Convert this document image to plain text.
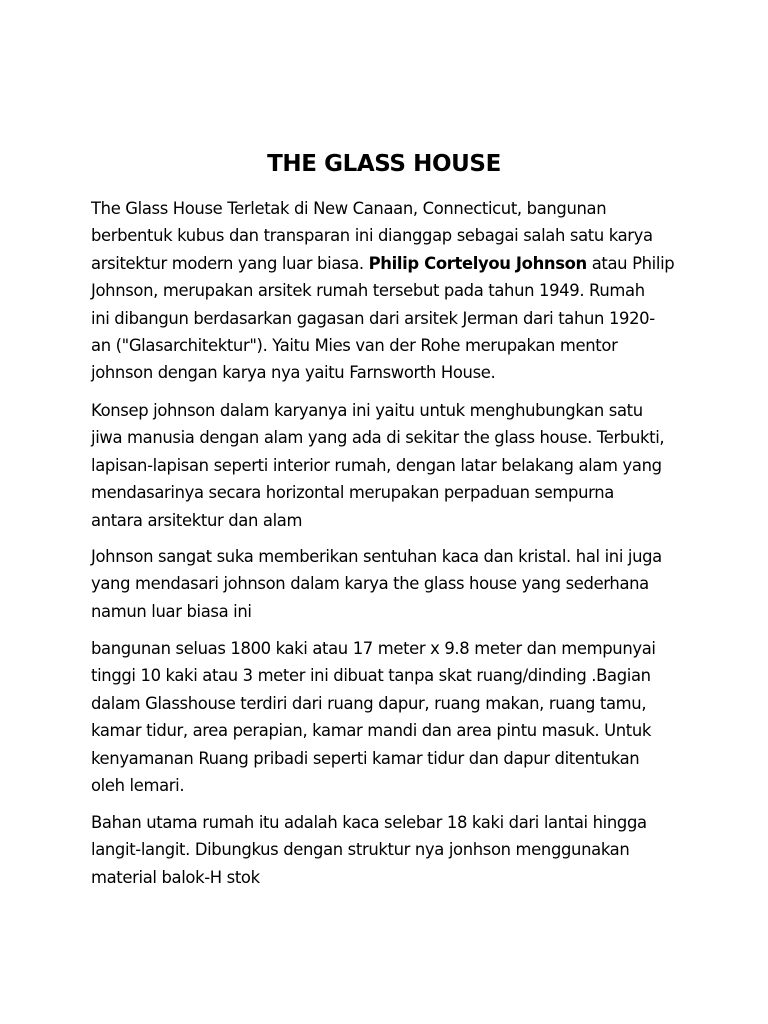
THE GLASS HOUSE

The Glass House Terletak di New Canaan, Connecticut, bangunan
berbentuk kubus dan transparan ini dianggap sebagai salah satu karya
arsitektur modern yang luar biasa. Philip Cortelyou Johnson atau Philip
Johnson, merupakan arsitek rumah tersebut pada tahun 1949. Rumah
ini dibangun berdasarkan gagasan dari arsitek Jerman dari tahun 1920-
an ("Glasarchitektur"). Yaitu Mies van der Rohe merupakan mentor
johnson dengan karya nya yaitu Farnsworth House.

Konsep johnson dalam karyanya ini yaitu untuk menghubungkan satu
jiwa manusia dengan alam yang ada di sekitar the glass house. Terbukti,
lapisan-lapisan seperti interior rumah, dengan latar belakang alam yang
mendasarinya secara horizontal merupakan perpaduan sempurna
antara arsitektur dan alam

Johnson sangat suka memberikan sentuhan kaca dan kristal. hal ini juga
yang mendasari johnson dalam karya the glass house yang sederhana
namun luar biasa ini

bangunan seluas 1800 kaki atau 17 meter x 9.8 meter dan mempunyai
tinggi 10 kaki atau 3 meter ini dibuat tanpa skat ruang/dinding .Bagian
dalam Glasshouse terdiri dari ruang dapur, ruang makan, ruang tamu,
kamar tidur, area perapian, kamar mandi dan area pintu masuk. Untuk
kenyamanan Ruang pribadi seperti kamar tidur dan dapur ditentukan
oleh lemari.

Bahan utama rumah itu adalah kaca selebar 18 kaki dari lantai hingga
langit-langit. Dibungkus dengan struktur nya jonhson menggunakan
material balok-H stok
